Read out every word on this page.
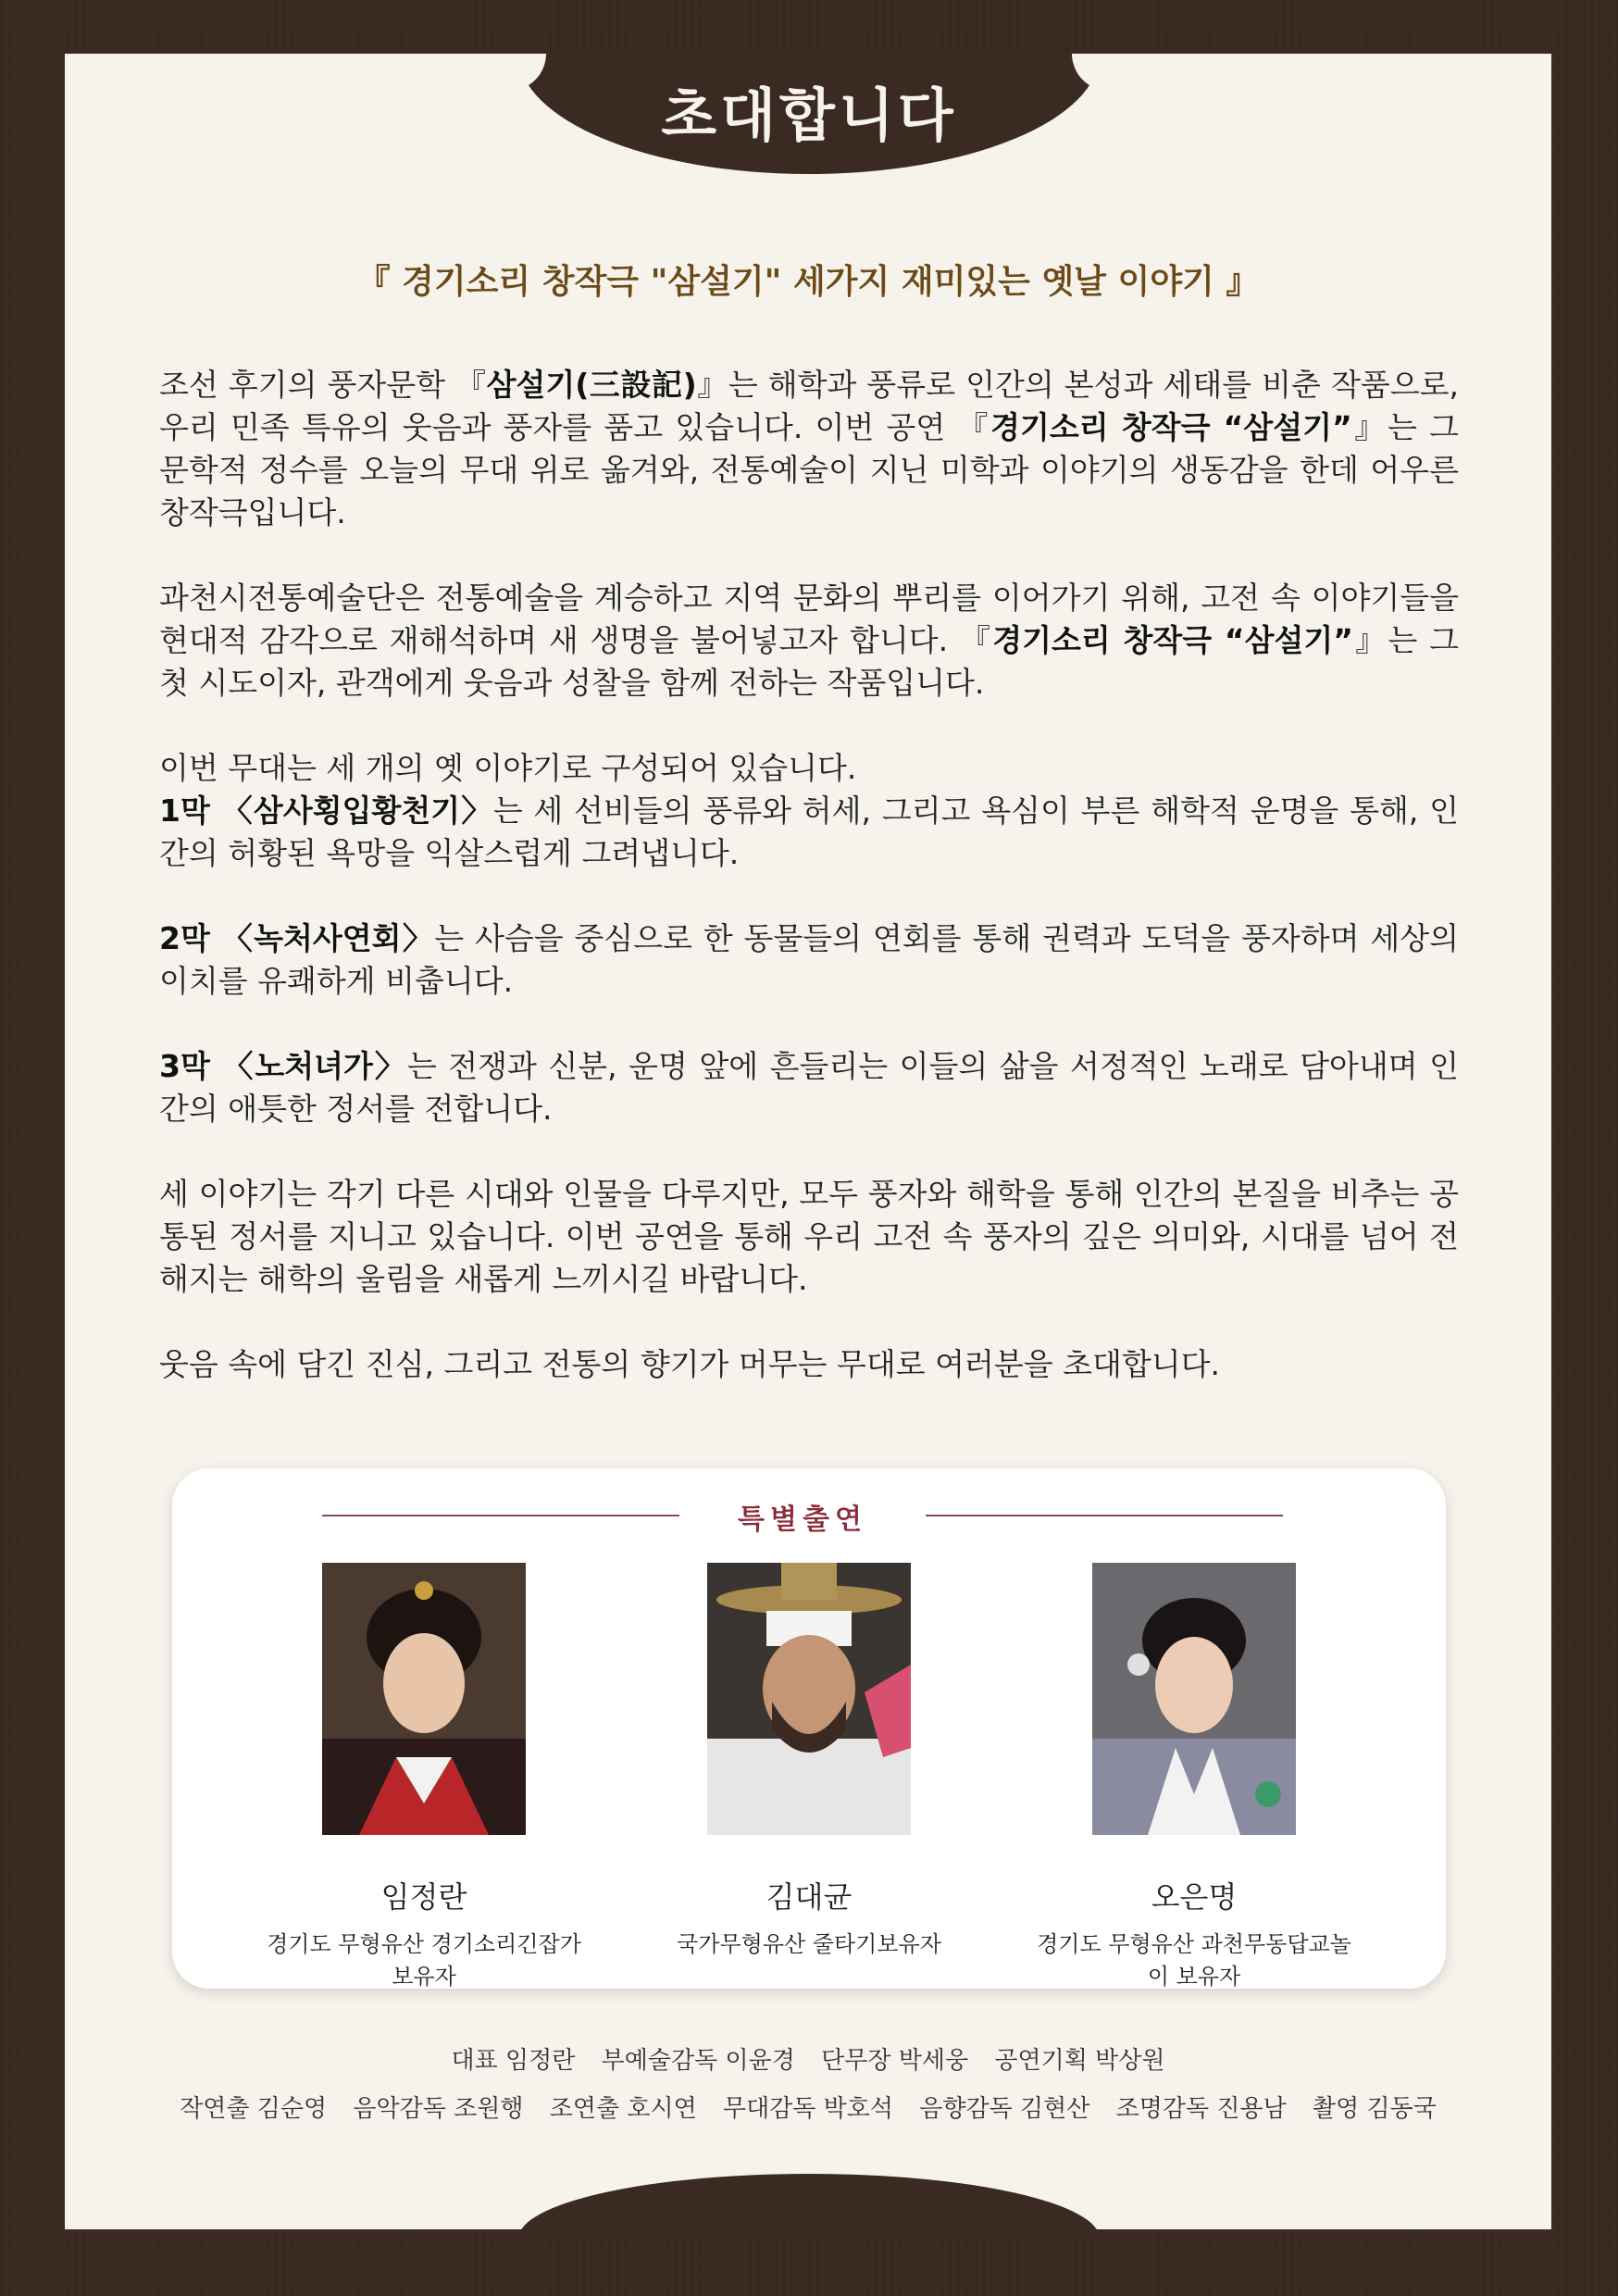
초대합니다
『 경기소리 창작극 "삼설기" 세가지 재미있는 옛날 이야기 』

조선 후기의 풍자문학 『삼설기(三設記)』는 해학과 풍류로 인간의 본성과 세태를 비춘 작품으로, 우리 민족 특유의 웃음과 풍자를 품고 있습니다. 이번 공연 『경기소리 창작극 “삼설기”』는 그 문학적 정수를 오늘의 무대 위로 옮겨와, 전통예술이 지닌 미학과 이야기의 생동감을 한데 어우른 창작극입니다.

과천시전통예술단은 전통예술을 계승하고 지역 문화의 뿌리를 이어가기 위해, 고전 속 이야기들을 현대적 감각으로 재해석하며 새 생명을 불어넣고자 합니다. 『경기소리 창작극 “삼설기”』는 그 첫 시도이자, 관객에게 웃음과 성찰을 함께 전하는 작품입니다.

이번 무대는 세 개의 옛 이야기로 구성되어 있습니다.

1막 〈삼사횡입황천기〉는 세 선비들의 풍류와 허세, 그리고 욕심이 부른 해학적 운명을 통해, 인간의 허황된 욕망을 익살스럽게 그려냅니다.

2막 〈녹처사연회〉는 사슴을 중심으로 한 동물들의 연회를 통해 권력과 도덕을 풍자하며 세상의 이치를 유쾌하게 비춥니다.

3막 〈노처녀가〉는 전쟁과 신분, 운명 앞에 흔들리는 이들의 삶을 서정적인 노래로 담아내며 인간의 애틋한 정서를 전합니다.

세 이야기는 각기 다른 시대와 인물을 다루지만, 모두 풍자와 해학을 통해 인간의 본질을 비추는 공통된 정서를 지니고 있습니다. 이번 공연을 통해 우리 고전 속 풍자의 깊은 의미와, 시대를 넘어 전해지는 해학의 울림을 새롭게 느끼시길 바랍니다.

웃음 속에 담긴 진심, 그리고 전통의 향기가 머무는 무대로 여러분을 초대합니다.

특별출연
임정란
경기도 무형유산 경기소리긴잡가 보유자
김대균
국가무형유산 줄타기보유자
오은명
경기도 무형유산 과천무동답교놀이 보유자
대표 임정란 부예술감독 이윤경 단무장 박세웅 공연기획 박상원
작연출 김순영 음악감독 조원행 조연출 호시연 무대감독 박호석 음향감독 김현산 조명감독 진용남 촬영 김동국
